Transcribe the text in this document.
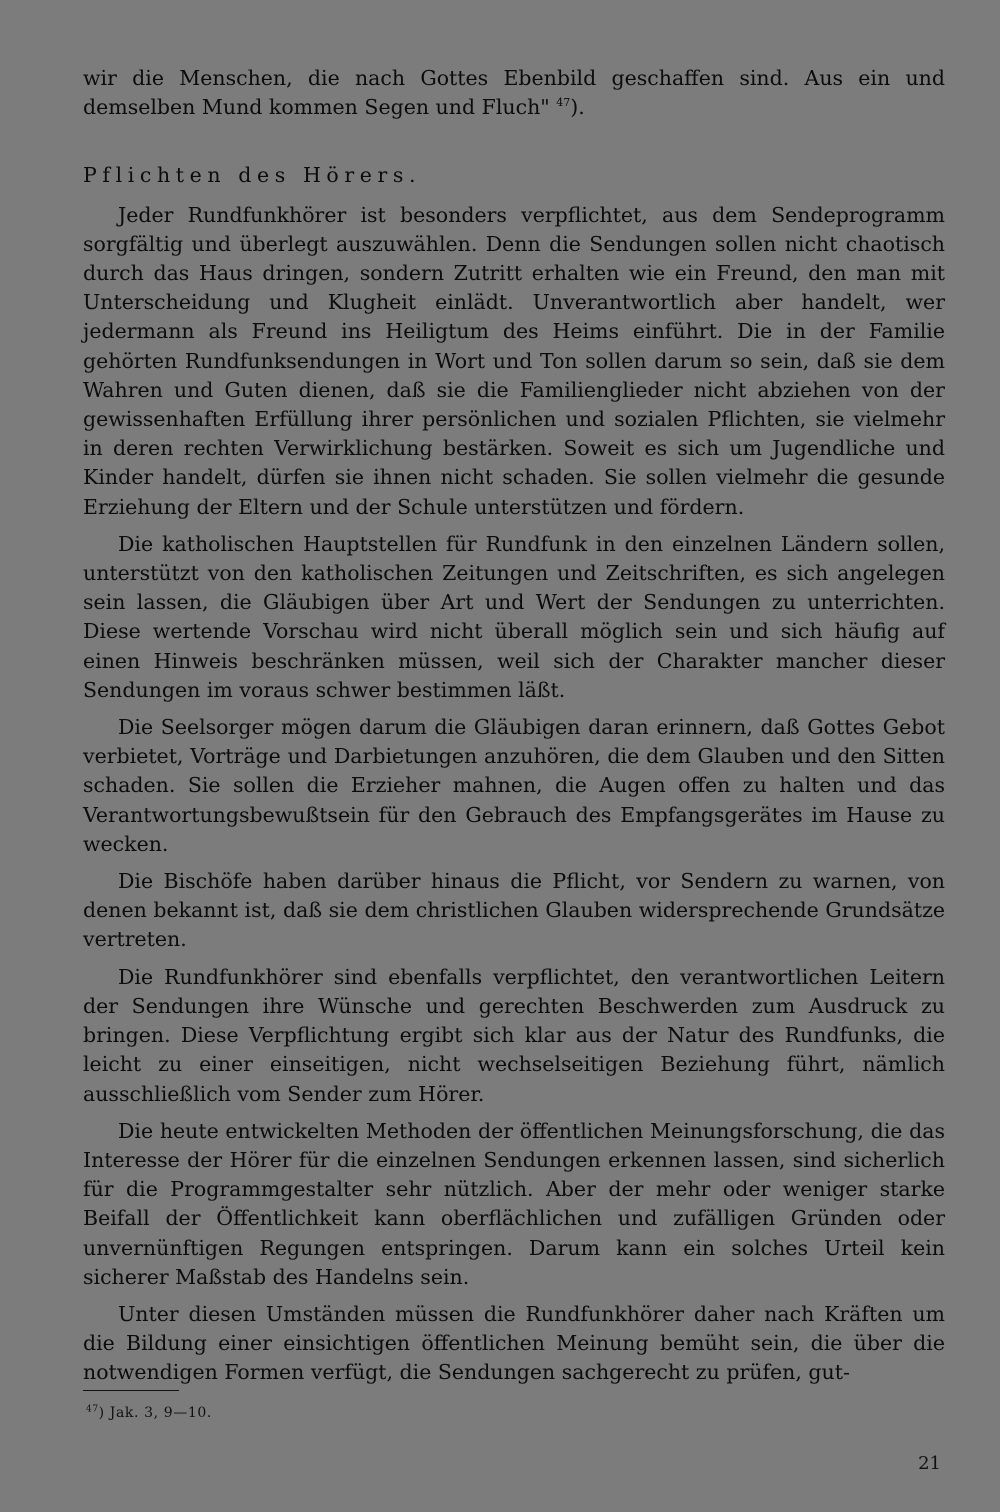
wir die Menschen, die nach Gottes Ebenbild geschaffen sind. Aus ein und demselben Mund kommen Segen und Fluch" $^{47}$).

Pflichten des Hörers.

Jeder Rundfunkhörer ist besonders verpflichtet, aus dem Sendeprogramm sorgfältig und überlegt auszuwählen. Denn die Sendungen sollen nicht chaotisch durch das Haus dringen, sondern Zutritt erhalten wie ein Freund, den man mit Unterscheidung und Klugheit einlädt. Unverantwortlich aber handelt, wer jedermann als Freund ins Heiligtum des Heims einführt. Die in der Familie gehörten Rundfunksendungen in Wort und Ton sollen darum so sein, daß sie dem Wahren und Guten dienen, daß sie die Familienglieder nicht abziehen von der gewissenhaften Erfüllung ihrer persönlichen und sozialen Pflichten, sie vielmehr in deren rechten Verwirklichung bestärken. Soweit es sich um Jugendliche und Kinder handelt, dürfen sie ihnen nicht schaden. Sie sollen vielmehr die gesunde Erziehung der Eltern und der Schule unterstützen und fördern.

Die katholischen Hauptstellen für Rundfunk in den einzelnen Ländern sollen, unterstützt von den katholischen Zeitungen und Zeitschriften, es sich angelegen sein lassen, die Gläubigen über Art und Wert der Sendungen zu unterrichten. Diese wertende Vorschau wird nicht überall möglich sein und sich häufig auf einen Hinweis beschränken müssen, weil sich der Charakter mancher dieser Sendungen im voraus schwer bestimmen läßt.

Die Seelsorger mögen darum die Gläubigen daran erinnern, daß Gottes Gebot verbietet, Vorträge und Darbietungen anzuhören, die dem Glauben und den Sitten schaden. Sie sollen die Erzieher mahnen, die Augen offen zu halten und das Verantwortungsbewußtsein für den Gebrauch des Empfangsgerätes im Hause zu wecken.

Die Bischöfe haben darüber hinaus die Pflicht, vor Sendern zu warnen, von denen bekannt ist, daß sie dem christlichen Glauben widersprechende Grundsätze vertreten.

Die Rundfunkhörer sind ebenfalls verpflichtet, den verantwortlichen Leitern der Sendungen ihre Wünsche und gerechten Beschwerden zum Ausdruck zu bringen. Diese Verpflichtung ergibt sich klar aus der Natur des Rundfunks, die leicht zu einer einseitigen, nicht wechselseitigen Beziehung führt, nämlich ausschließlich vom Sender zum Hörer.

Die heute entwickelten Methoden der öffentlichen Meinungsforschung, die das Interesse der Hörer für die einzelnen Sendungen erkennen lassen, sind sicherlich für die Programmgestalter sehr nützlich. Aber der mehr oder weniger starke Beifall der Öffentlichkeit kann oberflächlichen und zufälligen Gründen oder unvernünftigen Regungen entspringen. Darum kann ein solches Urteil kein sicherer Maßstab des Handelns sein.

Unter diesen Umständen müssen die Rundfunkhörer daher nach Kräften um die Bildung einer einsichtigen öffentlichen Meinung bemüht sein, die über die notwendigen Formen verfügt, die Sendungen sachgerecht zu prüfen, gut-

$^{47}$) Jak. 3, 9—10.
21
